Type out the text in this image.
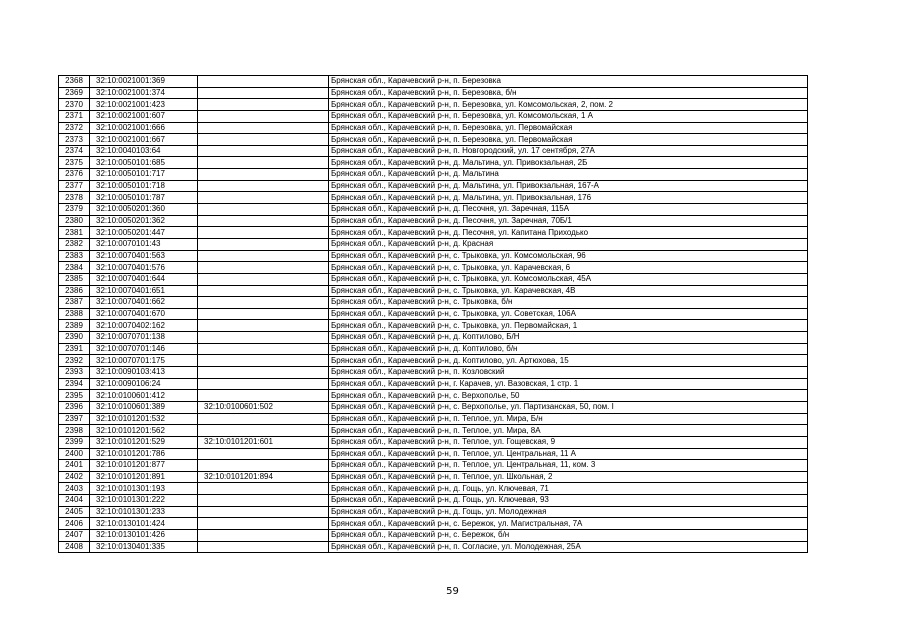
2368	32:10:0021001:369		Брянская обл., Карачевский р-н, п. Березовка
2369	32:10:0021001:374		Брянская обл., Карачевский р-н, п. Березовка, б/н
2370	32:10:0021001:423		Брянская обл., Карачевский р-н, п. Березовка, ул. Комсомольская, 2, пом. 2
2371	32:10:0021001:607		Брянская обл., Карачевский р-н, п. Березовка, ул. Комсомольская, 1 А
2372	32:10:0021001:666		Брянская обл., Карачевский р-н, п. Березовка, ул. Первомайская
2373	32:10:0021001:667		Брянская обл., Карачевский р-н, п. Березовка, ул. Первомайская
2374	32:10:0040103:64		Брянская обл., Карачевский р-н, п. Новгородский, ул. 17 сентября, 27А
2375	32:10:0050101:685		Брянская обл., Карачевский р-н, д. Мальтина, ул. Привокзальная, 2Б
2376	32:10:0050101:717		Брянская обл., Карачевский р-н, д. Мальтина
2377	32:10:0050101:718		Брянская обл., Карачевский р-н, д. Мальтина, ул. Привокзальная, 167-А
2378	32:10:0050101:787		Брянская обл., Карачевский р-н, д. Мальтина, ул. Привокзальная, 176
2379	32:10:0050201:360		Брянская обл., Карачевский р-н, д. Песочня, ул. Заречная, 115А
2380	32:10:0050201:362		Брянская обл., Карачевский р-н, д. Песочня, ул. Заречная, 70Б/1
2381	32:10:0050201:447		Брянская обл., Карачевский р-н, д. Песочня, ул. Капитана Приходько
2382	32:10:0070101:43		Брянская обл., Карачевский р-н, д. Красная
2383	32:10:0070401:563		Брянская обл., Карачевский р-н, с. Трыковка, ул. Комсомольская, 96
2384	32:10:0070401:576		Брянская обл., Карачевский р-н, с. Трыковка, ул. Карачевская, 6
2385	32:10:0070401:644		Брянская обл., Карачевский р-н, с. Трыковка, ул. Комсомольская, 45А
2386	32:10:0070401:651		Брянская обл., Карачевский р-н, с. Трыковка, ул. Карачевская, 4В
2387	32:10:0070401:662		Брянская обл., Карачевский р-н, с. Трыковка, б/н
2388	32:10:0070401:670		Брянская обл., Карачевский р-н, с. Трыковка, ул. Советская, 106А
2389	32:10:0070402:162		Брянская обл., Карачевский р-н, с. Трыковка, ул. Первомайская, 1
2390	32:10:0070701:138		Брянская обл., Карачевский р-н, д. Коптилово, Б/Н
2391	32:10:0070701:146		Брянская обл., Карачевский р-н, д. Коптилово, б/н
2392	32:10:0070701:175		Брянская обл., Карачевский р-н, д. Коптилово, ул. Артюхова, 15
2393	32:10:0090103:413		Брянская обл., Карачевский р-н, п. Козловский
2394	32:10:0090106:24		Брянская обл., Карачевский р-н, г. Карачев, ул. Вазовская, 1 стр. 1
2395	32:10:0100601:412		Брянская обл., Карачевский р-н, с. Верхополье, 50
2396	32:10:0100601:389	32:10:0100601:502	Брянская обл., Карачевский р-н, с. Верхополье, ул. Партизанская, 50, пом. I
2397	32:10:0101201:532		Брянская обл., Карачевский р-н, п. Теплое, ул. Мира, Б/н
2398	32:10:0101201:562		Брянская обл., Карачевский р-н, п. Теплое, ул. Мира, 8А
2399	32:10:0101201:529	32:10:0101201:601	Брянская обл., Карачевский р-н, п. Теплое, ул. Гощевская, 9
2400	32:10:0101201:786		Брянская обл., Карачевский р-н, п. Теплое, ул. Центральная, 11 А
2401	32:10:0101201:877		Брянская обл., Карачевский р-н, п. Теплое, ул. Центральная, 11, ком. 3
2402	32:10:0101201:891	32:10:0101201:894	Брянская обл., Карачевский р-н, п. Теплое, ул. Школьная, 2
2403	32:10:0101301:193		Брянская обл., Карачевский р-н, д. Гощь, ул. Ключевая, 71
2404	32:10:0101301:222		Брянская обл., Карачевский р-н, д. Гощь, ул. Ключевая, 93
2405	32:10:0101301:233		Брянская обл., Карачевский р-н, д. Гощь, ул. Молодежная
2406	32:10:0130101:424		Брянская обл., Карачевский р-н, с. Бережок, ул. Магистральная, 7А
2407	32:10:0130101:426		Брянская обл., Карачевский р-н, с. Бережок, б/н
2408	32:10:0130401:335		Брянская обл., Карачевский р-н, п. Согласие, ул. Молодежная, 25А
59
